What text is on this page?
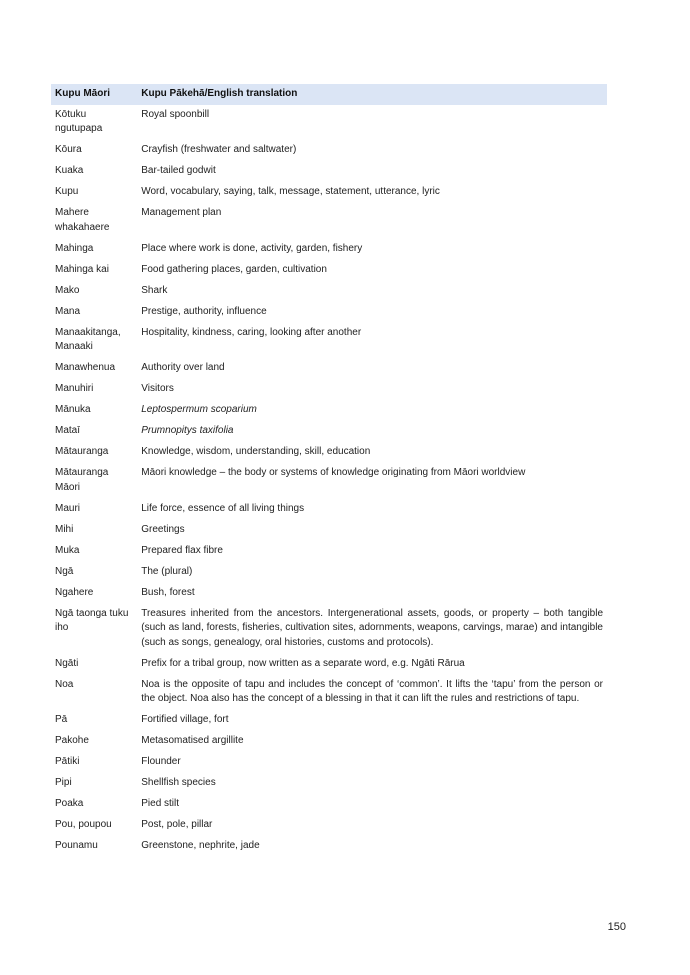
Kupu Māori	Kupu Pākehā/English translation
Kōtuku ngutupapa	Royal spoonbill
Kōura	Crayfish (freshwater and saltwater)
Kuaka	Bar-tailed godwit
Kupu	Word, vocabulary, saying, talk, message, statement, utterance, lyric
Mahere whakahaere	Management plan
Mahinga	Place where work is done, activity, garden, fishery
Mahinga kai	Food gathering places, garden, cultivation
Mako	Shark
Mana	Prestige, authority, influence
Manaakitanga, Manaaki	Hospitality, kindness, caring, looking after another
Manawhenua	Authority over land
Manuhiri	Visitors
Mānuka	Leptospermum scoparium
Mataī	Prumnopitys taxifolia
Mātauranga	Knowledge, wisdom, understanding, skill, education
Mātauranga Māori	Māori knowledge – the body or systems of knowledge originating from Māori worldview
Mauri	Life force, essence of all living things
Mihi	Greetings
Muka	Prepared flax fibre
Ngā	The (plural)
Ngahere	Bush, forest
Ngā taonga tuku iho	Treasures inherited from the ancestors. Intergenerational assets, goods, or property – both tangible (such as land, forests, fisheries, cultivation sites, adornments, weapons, carvings, marae) and intangible (such as songs, genealogy, oral histories, customs and protocols).
Ngāti	Prefix for a tribal group, now written as a separate word, e.g. Ngāti Rārua
Noa	Noa is the opposite of tapu and includes the concept of ‘common’. It lifts the ‘tapu’ from the person or the object. Noa also has the concept of a blessing in that it can lift the rules and restrictions of tapu.
Pā	Fortified village, fort
Pakohe	Metasomatised argillite
Pātiki	Flounder
Pipi	Shellfish species
Poaka	Pied stilt
Pou, poupou	Post, pole, pillar
Pounamu	Greenstone, nephrite, jade
150
